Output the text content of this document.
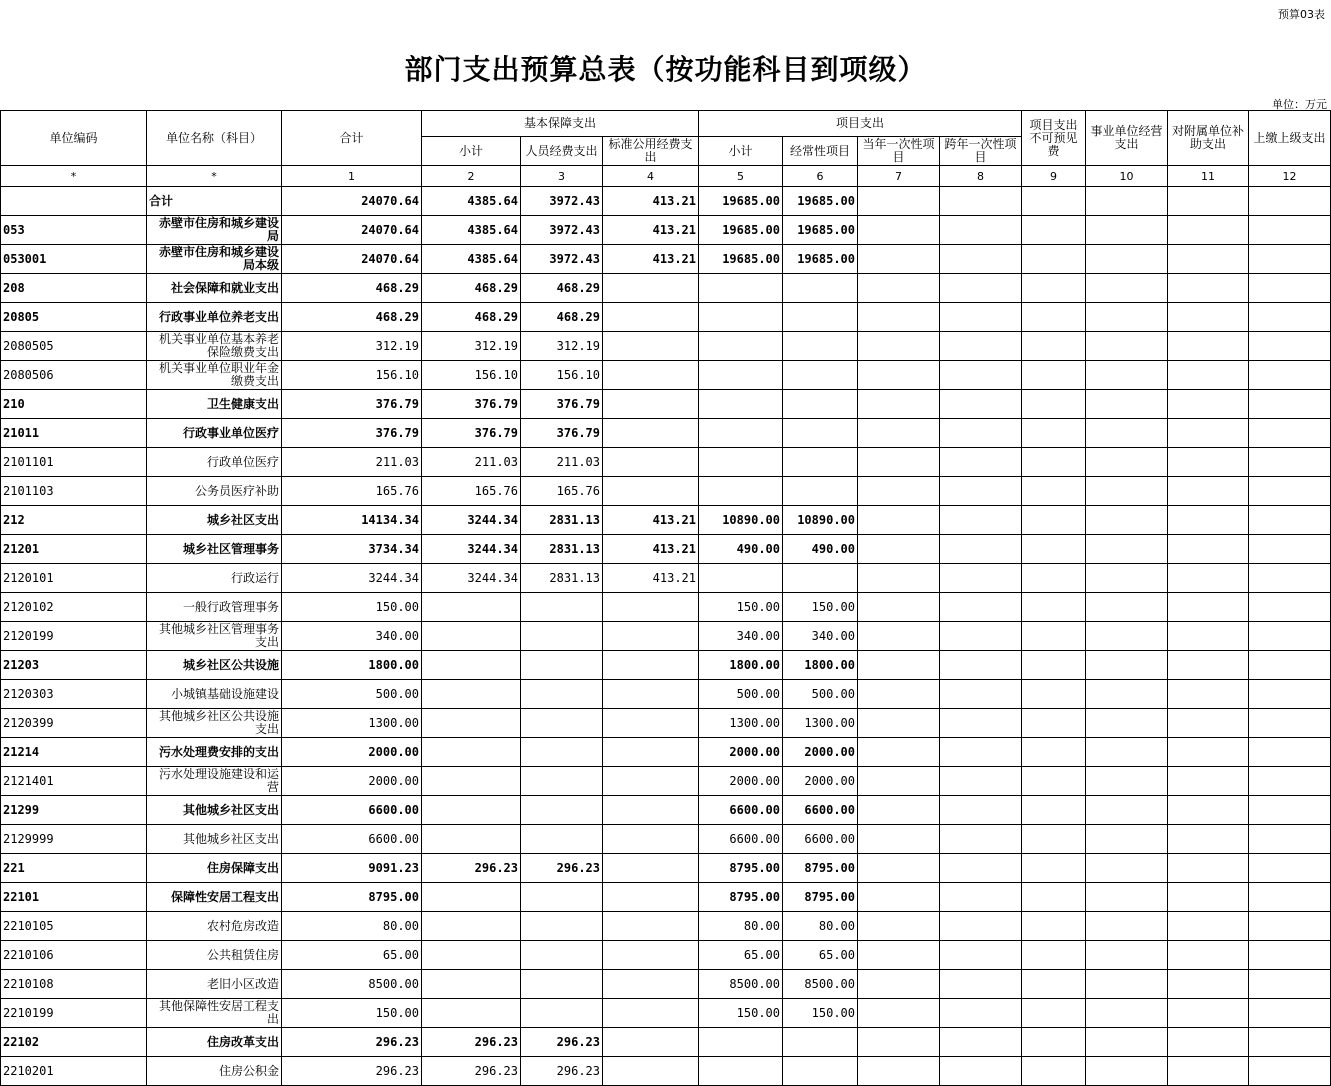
预算03表
部门支出预算总表（按功能科目到项级）
单位：万元
单位编码	单位名称（科目）	合计	基本保障支出			项目支出				项目支出不可预见费	事业单位经营支出	对附属单位补助支出	上缴上级支出
			小计	人员经费支出	标准公用经费支出	小计	经常性项目	当年一次性项目	跨年一次性项目				
*	*	1	2	3	4	5	6	7	8	9	10	11	12
	合计	24070.64	4385.64	3972.43	413.21	19685.00	19685.00						
053	赤壁市住房和城乡建设局	24070.64	4385.64	3972.43	413.21	19685.00	19685.00						
053001	赤壁市住房和城乡建设局本级	24070.64	4385.64	3972.43	413.21	19685.00	19685.00						
208	社会保障和就业支出	468.29	468.29	468.29									
20805	行政事业单位养老支出	468.29	468.29	468.29									
2080505	机关事业单位基本养老保险缴费支出	312.19	312.19	312.19									
2080506	机关事业单位职业年金缴费支出	156.10	156.10	156.10									
210	卫生健康支出	376.79	376.79	376.79									
21011	行政事业单位医疗	376.79	376.79	376.79									
2101101	行政单位医疗	211.03	211.03	211.03									
2101103	公务员医疗补助	165.76	165.76	165.76									
212	城乡社区支出	14134.34	3244.34	2831.13	413.21	10890.00	10890.00						
21201	城乡社区管理事务	3734.34	3244.34	2831.13	413.21	490.00	490.00						
2120101	行政运行	3244.34	3244.34	2831.13	413.21								
2120102	一般行政管理事务	150.00				150.00	150.00						
2120199	其他城乡社区管理事务支出	340.00				340.00	340.00						
21203	城乡社区公共设施	1800.00				1800.00	1800.00						
2120303	小城镇基础设施建设	500.00				500.00	500.00						
2120399	其他城乡社区公共设施支出	1300.00				1300.00	1300.00						
21214	污水处理费安排的支出	2000.00				2000.00	2000.00						
2121401	污水处理设施建设和运营	2000.00				2000.00	2000.00						
21299	其他城乡社区支出	6600.00				6600.00	6600.00						
2129999	其他城乡社区支出	6600.00				6600.00	6600.00						
221	住房保障支出	9091.23	296.23	296.23		8795.00	8795.00						
22101	保障性安居工程支出	8795.00				8795.00	8795.00						
2210105	农村危房改造	80.00				80.00	80.00						
2210106	公共租赁住房	65.00				65.00	65.00						
2210108	老旧小区改造	8500.00				8500.00	8500.00						
2210199	其他保障性安居工程支出	150.00				150.00	150.00						
22102	住房改革支出	296.23	296.23	296.23									
2210201	住房公积金	296.23	296.23	296.23									
